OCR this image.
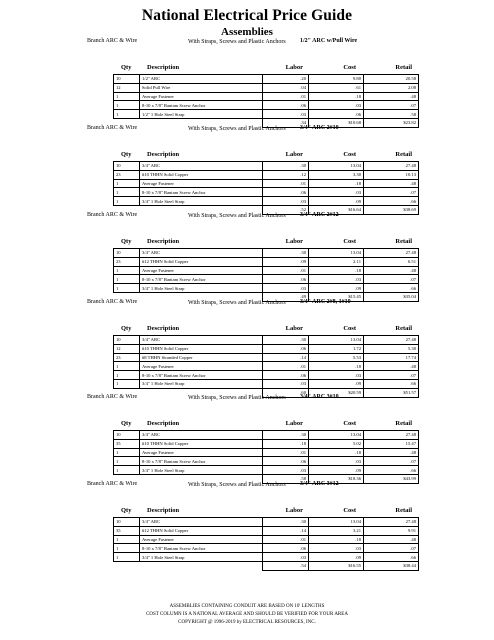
National Electrical Price Guide
Assemblies
Branch ARC & Wire	With Straps, Screws and Plastic Anchors	1/2" ARC w/Pull Wire
Qty Description	Labor	Cost	Retail
10	1/2" ARC	.20	9.80	20.58
12	Solid Pull Wire	.04	.61	2.08
1	Average Fastener	.01	.18	.48
1	8-10 x 7/8" Bantam Screw Anchor	.06	.03	.07
1	1/2" 1 Hole Steel Strap	.03	.06	.58
		.34	$10.68	$23.82
Branch ARC & Wire	With Straps, Screws and Plastic Anchors	3/4" ARC 2#10
Qty Description	Labor	Cost	Retail
10	3/4" ARC	.30	13.04	27.48
23	#10 THHN Solid Copper	.12	3.30	10.13
1	Average Fastener	.01	.18	.48
1	8-10 x 7/8" Bantam Screw Anchor	.06	.03	.07
1	3/4" 1 Hole Steel Strap	.03	.09	.66
		.52	$16.64	$38.69
Branch ARC & Wire	With Straps, Screws and Plastic Anchors	3/4" ARC 2#12
Qty Description	Labor	Cost	Retail
10	3/4" ARC	.30	13.04	27.48
23	#12 THHN Solid Copper	.09	2.11	6.51
1	Average Fastener	.01	.18	.48
1	8-10 x 7/8" Bantam Screw Anchor	.06	.03	.07
1	3/4" 1 Hole Steel Strap	.03	.09	.66
		.49	$15.45	$35.04
Branch ARC & Wire	With Straps, Screws and Plastic Anchors	3/4" ARC 2#8, 1#10
Qty Description	Labor	Cost	Retail
10	3/4" ARC	.30	13.04	27.48
12	#10 THHN Solid Copper	.06	1.72	5.30
23	#8 THHN Stranded Copper	.14	5.53	17.74
1	Average Fastener	.01	.18	.48
1	8-10 x 7/8" Bantam Screw Anchor	.06	.03	.07
1	3/4" 1 Hole Steel Strap	.03	.09	.66
		.60	$20.59	$51.57
Branch ARC & Wire	With Straps, Screws and Plastic Anchors	3/4" ARC 3#10
Qty Description	Labor	Cost	Retail
10	3/4" ARC	.30	13.04	27.48
35	#10 THHN Solid Copper	.18	5.02	15.47
1	Average Fastener	.01	.18	.48
1	8-10 x 7/8" Bantam Screw Anchor	.06	.03	.07
1	3/4" 1 Hole Steel Strap	.03	.09	.66
		.58	$18.36	$43.99
Branch ARC & Wire	With Straps, Screws and Plastic Anchors	3/4" ARC 3#12
Qty Description	Labor	Cost	Retail
10	3/4" ARC	.30	13.04	27.48
35	#12 THHN Solid Copper	.14	3.21	9.91
1	Average Fastener	.01	.18	.48
1	8-10 x 7/8" Bantam Screw Anchor	.06	.03	.07
1	3/4" 1 Hole Steel Strap	.03	.09	.66
		.54	$16.55	$38.44
ASSEMBLIES CONTAINING CONDUIT ARE BASED ON 10' LENGTHS
COST COLUMN IS A NATIONAL AVERAGE AND SHOULD BE VERIFIED FOR YOUR AREA
COPYRIGHT @ 1996-2019 by ELECTRICAL RESOURCES, INC.
